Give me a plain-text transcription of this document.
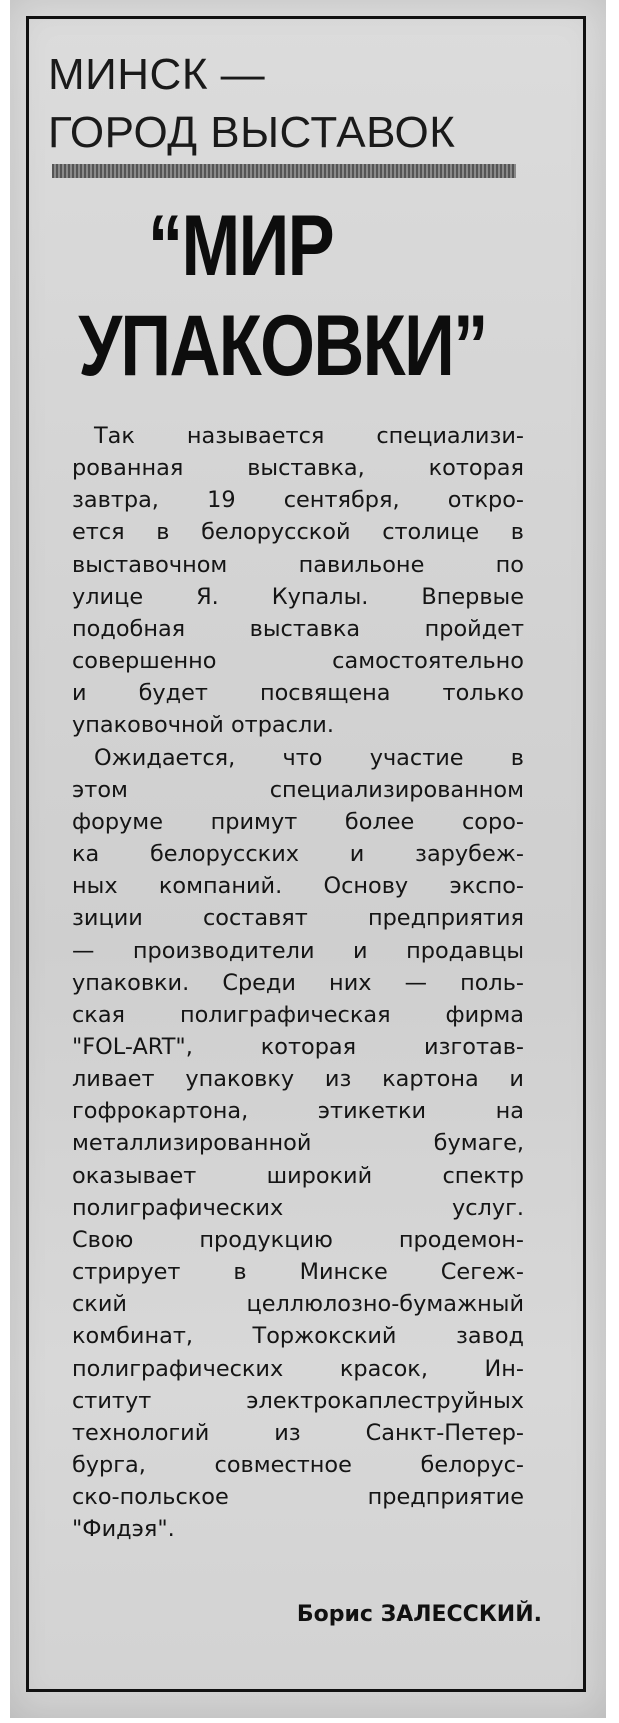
МИНСК —
ГОРОД ВЫСТАВОК
“МИР
УПАКОВКИ”
Так называется специализи-
рованная выставка, которая
завтра, 19 сентября, откро-
ется в белорусской столице в
выставочном павильоне по
улице Я. Купалы. Впервые
подобная выставка пройдет
совершенно самостоятельно
и будет посвящена только
упаковочной отрасли.
Ожидается, что участие в
этом специализированном
форуме примут более соро-
ка белорусских и зарубеж-
ных компаний. Основу экспо-
зиции составят предприятия
— производители и продавцы
упаковки. Среди них — поль-
ская полиграфическая фирма
"FOL-ART", которая изготав-
ливает упаковку из картона и
гофрокартона, этикетки на
металлизированной бумаге,
оказывает широкий спектр
полиграфических услуг.
Свою продукцию продемон-
стрирует в Минске Сегеж-
ский целлюлозно-бумажный
комбинат, Торжокский завод
полиграфических красок, Ин-
ститут электрокаплеструйных
технологий из Санкт-Петер-
бурга, совместное белорус-
ско-польское предприятие
"Фидэя".
Борис ЗАЛЕССКИЙ.
